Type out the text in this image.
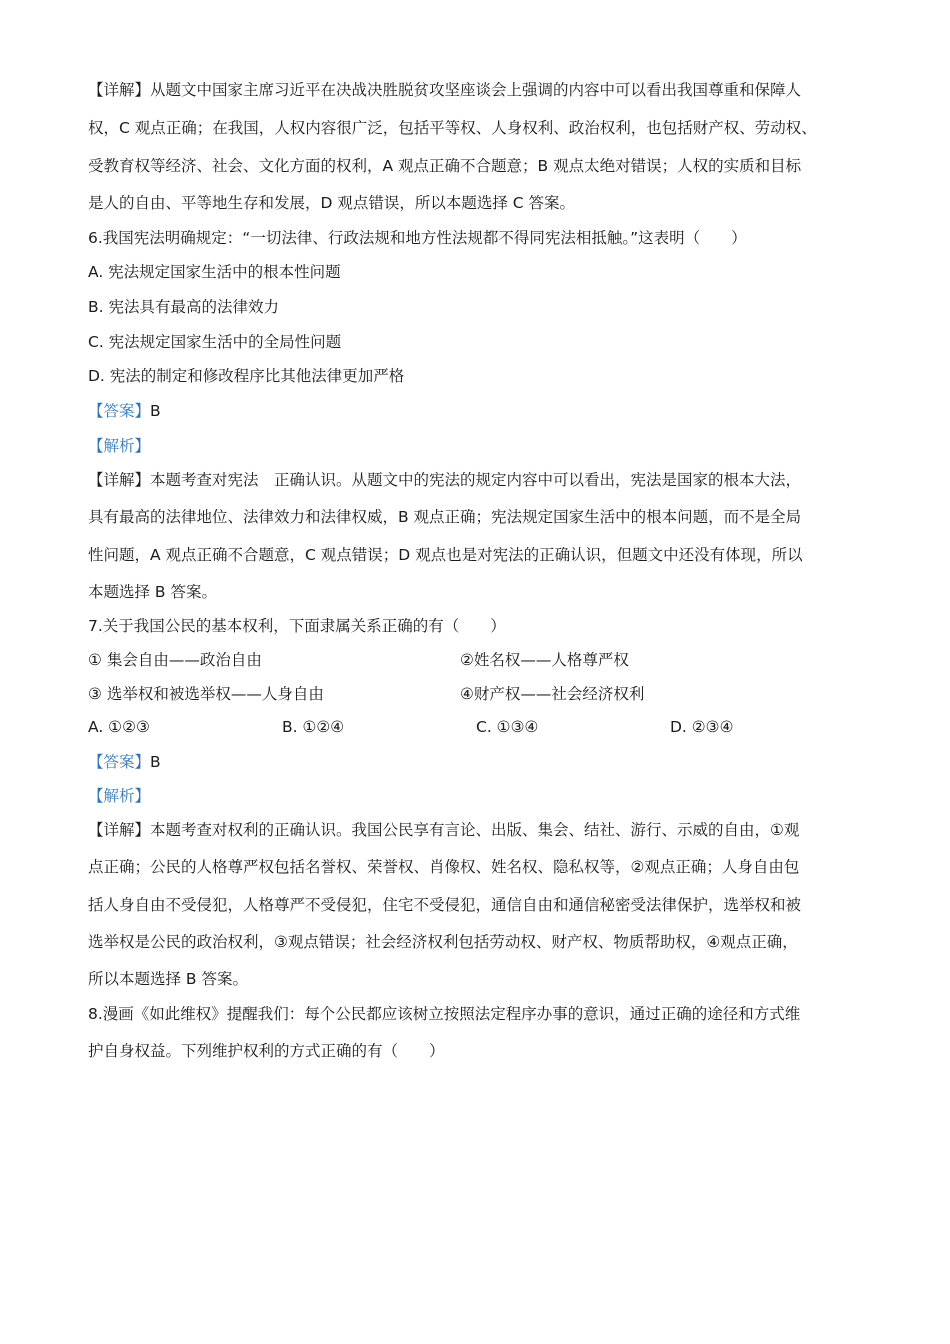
【详解】从题文中国家主席习近平在决战决胜脱贫攻坚座谈会上强调的内容中可以看出我国尊重和保障人
权，C 观点正确；在我国，人权内容很广泛，包括平等权、人身权利、政治权利，也包括财产权、劳动权、
受教育权等经济、社会、文化方面的权利，A 观点正确不合题意；B 观点太绝对错误；人权的实质和目标
是人的自由、平等地生存和发展，D 观点错误，所以本题选择 C 答案。
6.我国宪法明确规定：“一切法律、行政法规和地方性法规都不得同宪法相抵触。”这表明（　　）
A. 宪法规定国家生活中的根本性问题
B. 宪法具有最高的法律效力
C. 宪法规定国家生活中的全局性问题
D. 宪法的制定和修改程序比其他法律更加严格
【答案】B
【解析】
【详解】本题考查对宪法　正确认识。从题文中的宪法的规定内容中可以看出，宪法是国家的根本大法，
具有最高的法律地位、法律效力和法律权威，B 观点正确；宪法规定国家生活中的根本问题，而不是全局
性问题，A 观点正确不合题意，C 观点错误；D 观点也是对宪法的正确认识，但题文中还没有体现，所以
本题选择 B 答案。
7.关于我国公民的基本权利，下面隶属关系正确的有（　　）
① 集会自由——政治自由	②姓名权——人格尊严权
③ 选举权和被选举权——人身自由	④财产权——社会经济权利
A. ①②③	B. ①②④	C. ①③④	D. ②③④
【答案】B
【解析】
【详解】本题考查对权利的正确认识。我国公民享有言论、出版、集会、结社、游行、示威的自由，①观
点正确；公民的人格尊严权包括名誉权、荣誉权、肖像权、姓名权、隐私权等，②观点正确；人身自由包
括人身自由不受侵犯，人格尊严不受侵犯，住宅不受侵犯，通信自由和通信秘密受法律保护，选举权和被
选举权是公民的政治权利，③观点错误；社会经济权利包括劳动权、财产权、物质帮助权，④观点正确，
所以本题选择 B 答案。
8.漫画《如此维权》提醒我们：每个公民都应该树立按照法定程序办事的意识，通过正确的途径和方式维
护自身权益。下列维护权利的方式正确的有（　　）
